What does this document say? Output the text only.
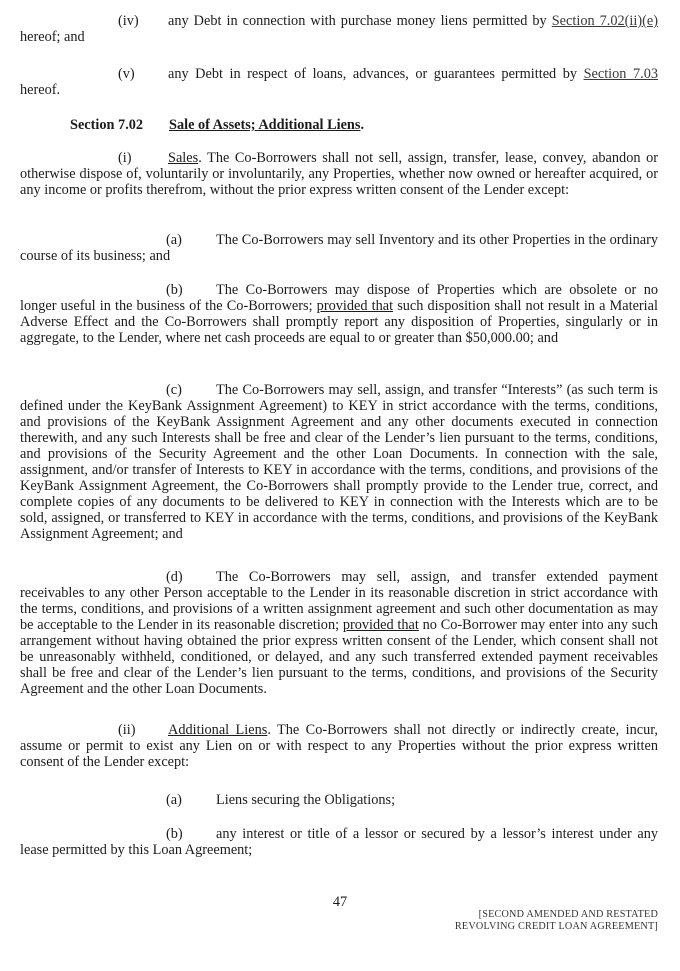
(iv) any Debt in connection with purchase money liens permitted by Section 7.02(ii)(e) hereof; and

(v) any Debt in respect of loans, advances, or guarantees permitted by Section 7.03 hereof.

Section 7.02 Sale of Assets; Additional Liens.

(i)	Sales. The Co-Borrowers shall not sell, assign, transfer, lease, convey, abandon or otherwise dispose of, voluntarily or involuntarily, any Properties, whether now owned or hereafter acquired, or any income or profits therefrom, without the prior express written consent of the Lender except:

(a) The Co-Borrowers may sell Inventory and its other Properties in the ordinary course of its business; and

(b) The Co-Borrowers may dispose of Properties which are obsolete or no longer useful in the business of the Co-Borrowers; provided that such disposition shall not result in a Material Adverse Effect and the Co-Borrowers shall promptly report any disposition of Properties, singularly or in aggregate, to the Lender, where net cash proceeds are equal to or greater than $50,000.00; and

(c) The Co-Borrowers may sell, assign, and transfer “Interests” (as such term is defined under the KeyBank Assignment Agreement) to KEY in strict accordance with the terms, conditions, and provisions of the KeyBank Assignment Agreement and any other documents executed in connection therewith, and any such Interests shall be free and clear of the Lender’s lien pursuant to the terms, conditions, and provisions of the Security Agreement and the other Loan Documents. In connection with the sale, assignment, and/or transfer of Interests to KEY in accordance with the terms, conditions, and provisions of the KeyBank Assignment Agreement, the Co-Borrowers shall promptly provide to the Lender true, correct, and complete copies of any documents to be delivered to KEY in connection with the Interests which are to be sold, assigned, or transferred to KEY in accordance with the terms, conditions, and provisions of the KeyBank Assignment Agreement; and

(d) The Co-Borrowers may sell, assign, and transfer extended payment receivables to any other Person acceptable to the Lender in its reasonable discretion in strict accordance with the terms, conditions, and provisions of a written assignment agreement and such other documentation as may be acceptable to the Lender in its reasonable discretion; provided that no Co-Borrower may enter into any such arrangement without having obtained the prior express written consent of the Lender, which consent shall not be unreasonably withheld, conditioned, or delayed, and any such transferred extended payment receivables shall be free and clear of the Lender’s lien pursuant to the terms, conditions, and provisions of the Security Agreement and the other Loan Documents.

(ii) Additional Liens. The Co-Borrowers shall not directly or indirectly create, incur, assume or permit to exist any Lien on or with respect to any Properties without the prior express written consent of the Lender except:

(a) Liens securing the Obligations;

(b) any interest or title of a lessor or secured by a lessor’s interest under any lease permitted by this Loan Agreement;

47
[SECOND AMENDED AND RESTATED
REVOLVING CREDIT LOAN AGREEMENT]
